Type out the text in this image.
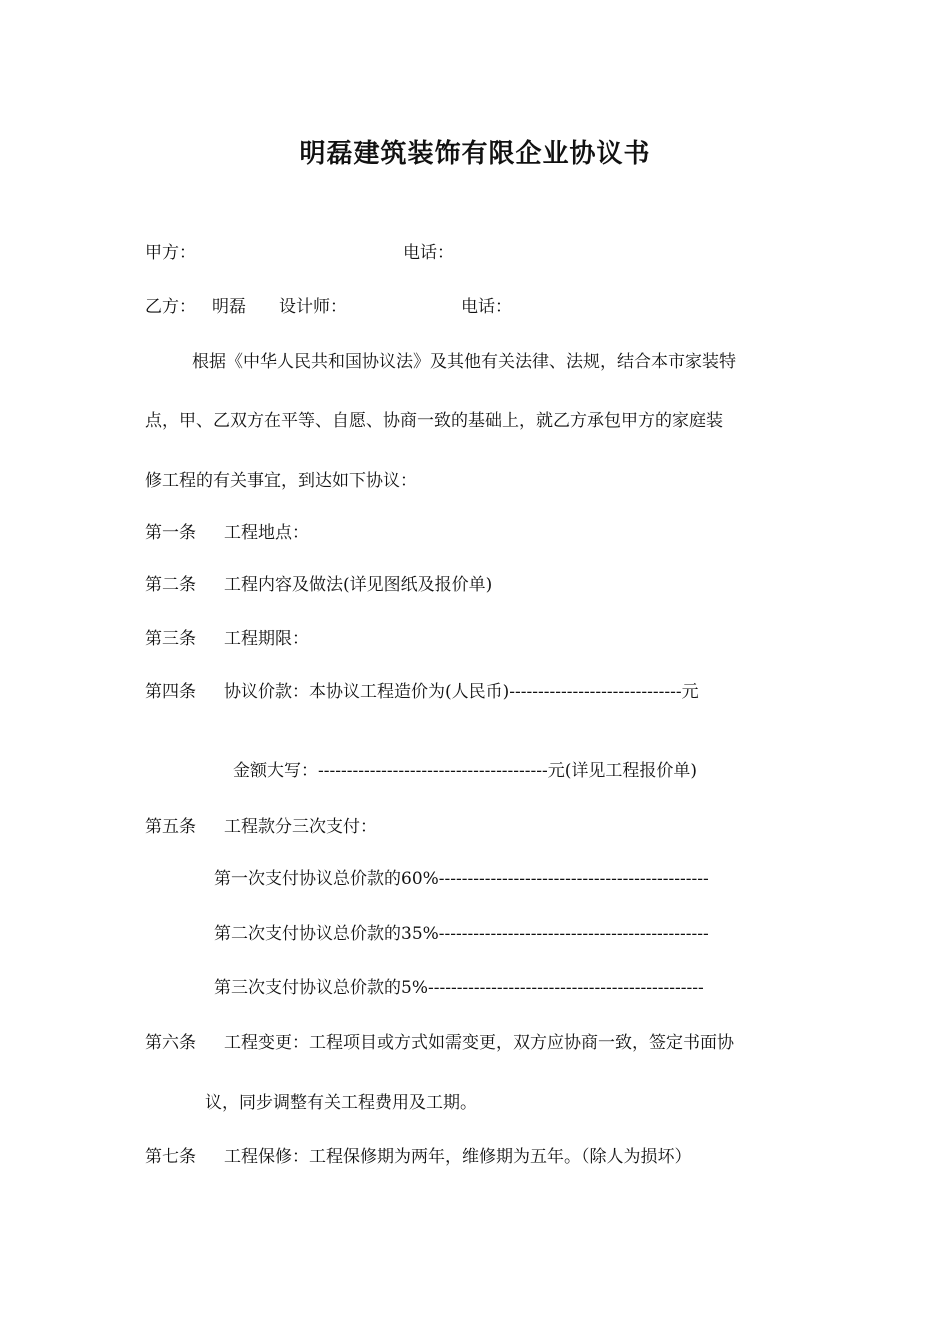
明磊建筑装饰有限企业协议书
甲方：	电话：
乙方： 明磊 设计师：	电话：
根据《中华人民共和国协议法》及其他有关法律、法规，结合本市家装特
点，甲、乙双方在平等、自愿、协商一致的基础上，就乙方承包甲方的家庭装
修工程的有关事宜，到达如下协议：
第一条 工程地点：
第二条 工程内容及做法(详见图纸及报价单)
第三条 工程期限：
第四条 协议价款：本协议工程造价为(人民币)------------------------------元
金额大写：----------------------------------------元(详见工程报价单)
第五条 工程款分三次支付：
第一次支付协议总价款的60%-----------------------------------------------
第二次支付协议总价款的35%-----------------------------------------------
第三次支付协议总价款的5%------------------------------------------------
第六条 工程变更：工程项目或方式如需变更，双方应协商一致，签定书面协
议，同步调整有关工程费用及工期。
第七条 工程保修：工程保修期为两年，维修期为五年。（除人为损坏）
